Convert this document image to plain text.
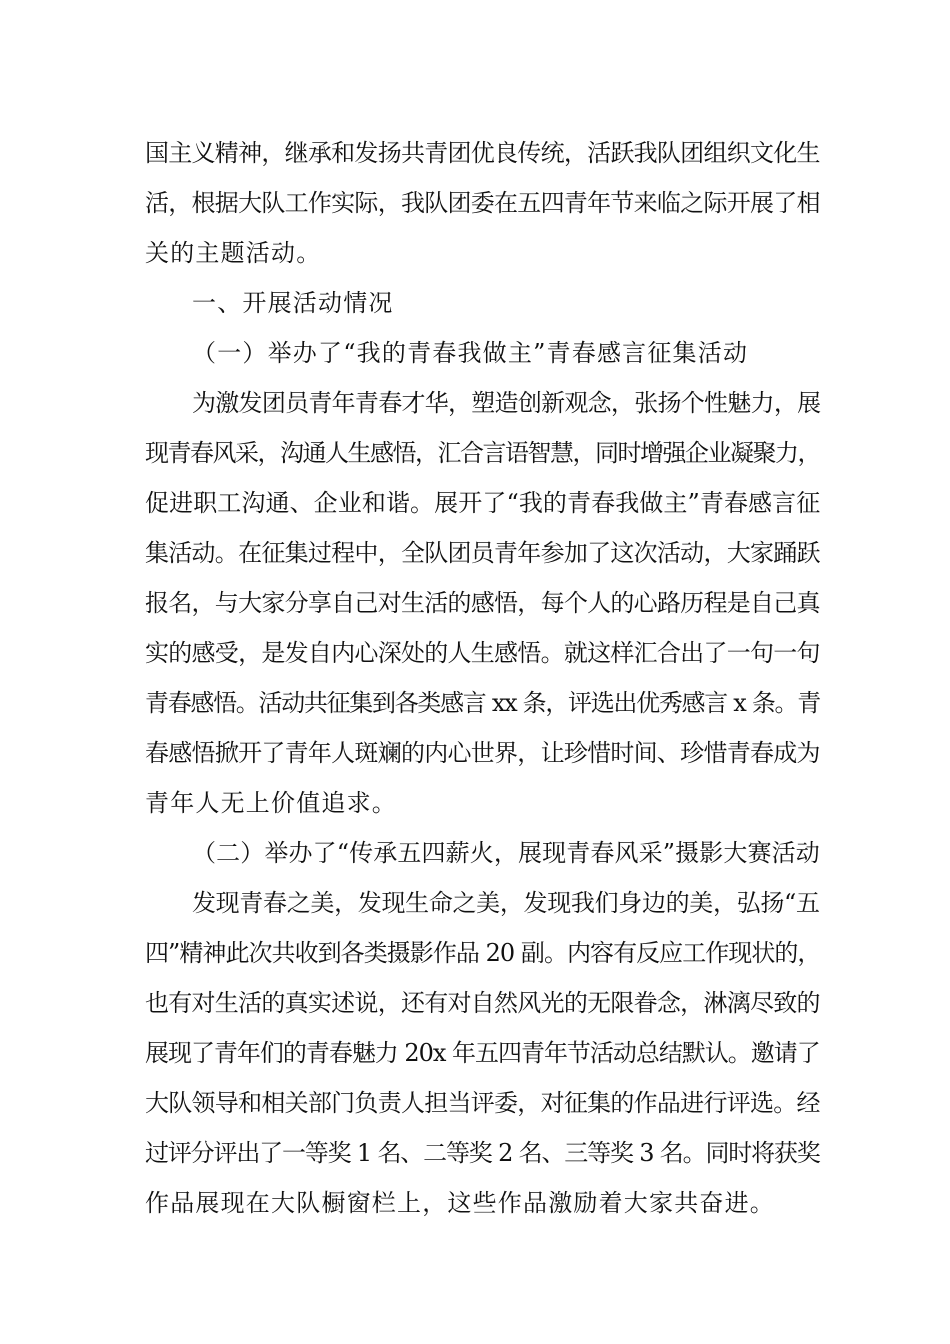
国主义精神，继承和发扬共青团优良传统，活跃我队团组织文化生
活，根据大队工作实际，我队团委在五四青年节来临之际开展了相
关的主题活动。
一、开展活动情况
（一）举办了“我的青春我做主”青春感言征集活动
为激发团员青年青春才华，塑造创新观念，张扬个性魅力，展
现青春风采，沟通人生感悟，汇合言语智慧，同时增强企业凝聚力，
促进职工沟通、企业和谐。展开了“我的青春我做主”青春感言征
集活动。在征集过程中，全队团员青年参加了这次活动，大家踊跃
报名，与大家分享自己对生活的感悟，每个人的心路历程是自己真
实的感受，是发自内心深处的人生感悟。就这样汇合出了一句一句
青春感悟。活动共征集到各类感言 xx 条，评选出优秀感言 x 条。青
春感悟掀开了青年人斑斓的内心世界，让珍惜时间、珍惜青春成为
青年人无上价值追求。
（二）举办了“传承五四薪火，展现青春风采”摄影大赛活动
发现青春之美，发现生命之美，发现我们身边的美，弘扬“五
四”精神此次共收到各类摄影作品 20 副。内容有反应工作现状的，
也有对生活的真实述说，还有对自然风光的无限眷念，淋漓尽致的
展现了青年们的青春魅力 20x 年五四青年节活动总结默认。邀请了
大队领导和相关部门负责人担当评委，对征集的作品进行评选。经
过评分评出了一等奖 1 名、二等奖 2 名、三等奖 3 名。同时将获奖
作品展现在大队橱窗栏上，这些作品激励着大家共奋进。
